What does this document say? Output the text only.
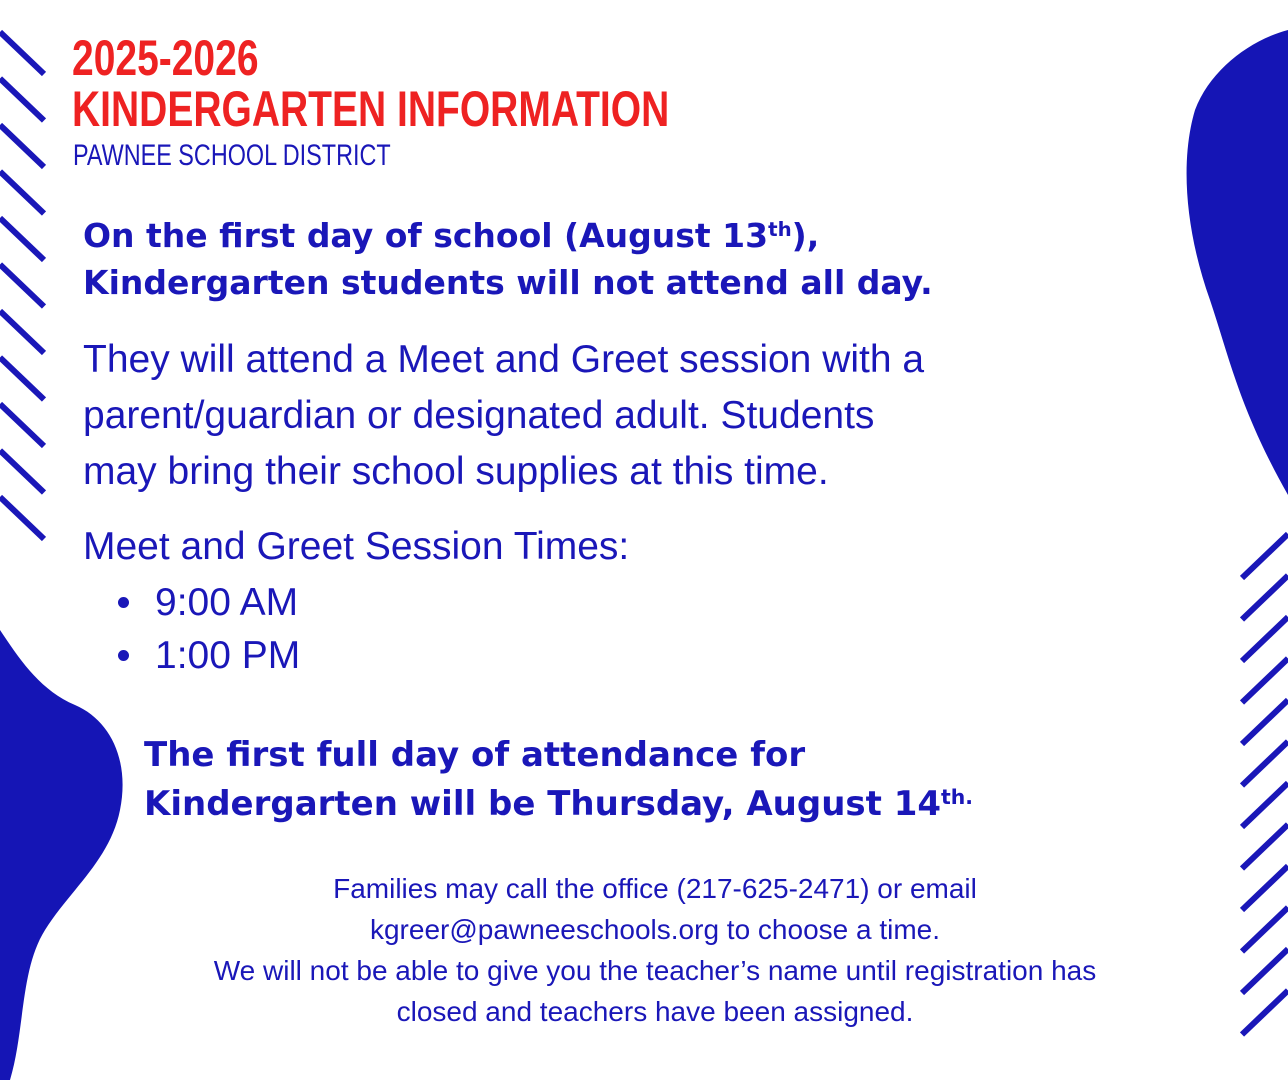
2025-2026
KINDERGARTEN INFORMATION
PAWNEE SCHOOL DISTRICT
On the first day of school (August 13th),
Kindergarten students will not attend all day.
They will attend a Meet and Greet session with a
parent/guardian or designated adult. Students
may bring their school supplies at this time.
Meet and Greet Session Times:
9:00 AM
1:00 PM
The first full day of attendance for
Kindergarten will be Thursday, August $14^{th.}$
Families may call the office (217-625-2471) or email
kgreer@pawneeschools.org to choose a time.
We will not be able to give you the teacher’s name until registration has
closed and teachers have been assigned.
